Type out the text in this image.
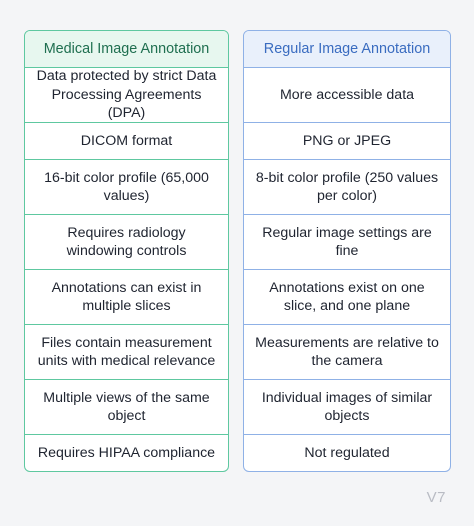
Medical Image Annotation
Data protected by strict Data Processing Agreements (DPA)
DICOM format
16-bit color profile (65,000 values)
Requires radiology windowing controls
Annotations can exist in multiple slices
Files contain measurement units with medical relevance
Multiple views of the same object
Requires HIPAA compliance
Regular Image Annotation
More accessible data
PNG or JPEG
8-bit color profile (250 values per color)
Regular image settings are fine
Annotations exist on one slice, and one plane
Measurements are relative to the camera
Individual images of similar objects
Not regulated
V7
